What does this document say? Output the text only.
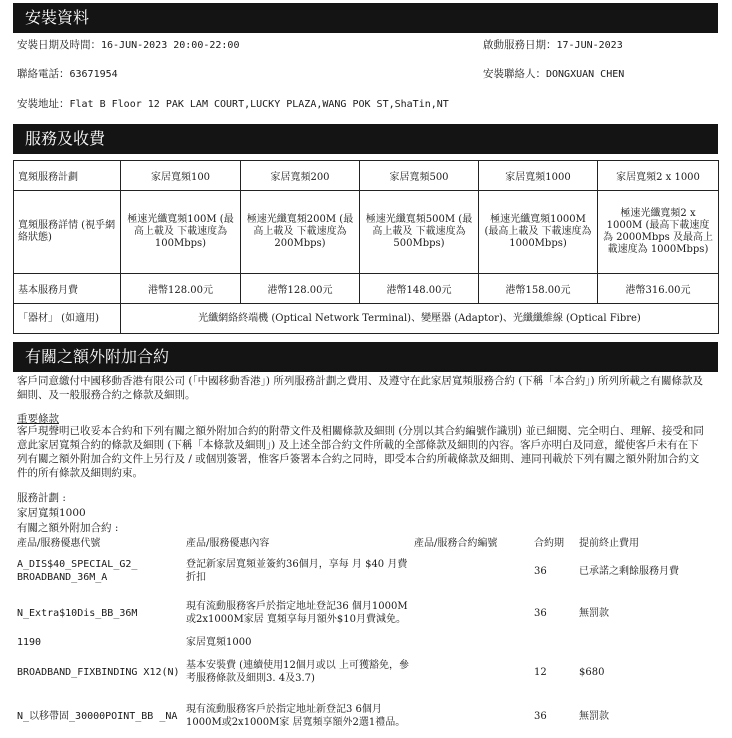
安裝資料
安裝日期及時間：16-JUN-2023 20:00-22:00	啟動服務日期：17-JUN-2023
聯絡電話：63671954	安裝聯絡人：DONGXUAN CHEN
安裝地址：Flat B Floor 12 PAK LAM COURT,LUCKY PLAZA,WANG POK ST,ShaTin,NT
服務及收費
寬頻服務計劃	家居寬頻100	家居寬頻200	家居寬頻500	家居寬頻1000	家居寬頻2 x 1000
寬頻服務詳情 (視乎網絡狀態)	極速光纖寬頻100M (最高上載及 下載速度為 100Mbps)	極速光纖寬頻200M (最高上載及 下載速度為 200Mbps)	極速光纖寬頻500M (最高上載及 下載速度為 500Mbps)	極速光纖寬頻1000M (最高上載及 下載速度為 1000Mbps)	極速光纖寬頻2 x 1000M (最高下載速度為 2000Mbps 及最高上載速度為 1000Mbps)
基本服務月費	港幣128.00元	港幣128.00元	港幣148.00元	港幣158.00元	港幣316.00元
「器材」 (如適用)	光纖網絡終端機 (Optical Network Terminal)、變壓器 (Adaptor)、光纖纖維線 (Optical Fibre)				
有關之額外附加合約
客戶同意繳付中國移動香港有限公司 (「中國移動香港」) 所列服務計劃之費用、及遵守在此家居寬頻服務合約 (下稱「本合約」) 所列所載之有關條款及細則、及一般服務合約之條款及細則。
重要條款
客戶現聲明已收妥本合約和下列有關之額外附加合約的附帶文件及相關條款及細則 (分別以其合約編號作識別) 並已細閱、完全明白、理解、接受和同意此家居寬頻合約的條款及細則 (下稱「本條款及細則」) 及上述全部合約文件所載的全部條款及細則的內容。客戶亦明白及同意，縱使客戶未有在下列有關之額外附加合約文件上另行及 / 或個別簽署，惟客戶簽署本合約之同時，即受本合約所載條款及細則、連同刊載於下列有關之額外附加合約文件的所有條款及細則約束。
服務計劃 :
家居寬頻1000
有關之額外附加合約 :
產品/服務優惠代號	產品/服務優惠內容	產品/服務合約編號	合約期	提前終止費用
A_DIS$40_SPECIAL_G2_ BROADBAND_36M_A	登記新家居寬頻並簽約36個月，享每 月 $40 月費折扣		36	已承諾之剩餘服務月費
N_Extra$10Dis_BB_36M	現有流動服務客戶於指定地址登記36 個月1000M或2x1000M家居 寬頻享每月額外$10月費減免。		36	無罰款
1190	家居寬頻1000			
BROADBAND_FIXBINDING X12(N)	基本安裝費 (連續使用12個月或以 上可獲豁免，參考服務條款及細則3. 4及3.7)		12	$680
N_以移帶固_30000POINT_BB _NA	現有流動服務客戶於指定地址新登記3 6個月1000M或2x1000M家 居寬頻享額外2選1禮品。		36	無罰款
